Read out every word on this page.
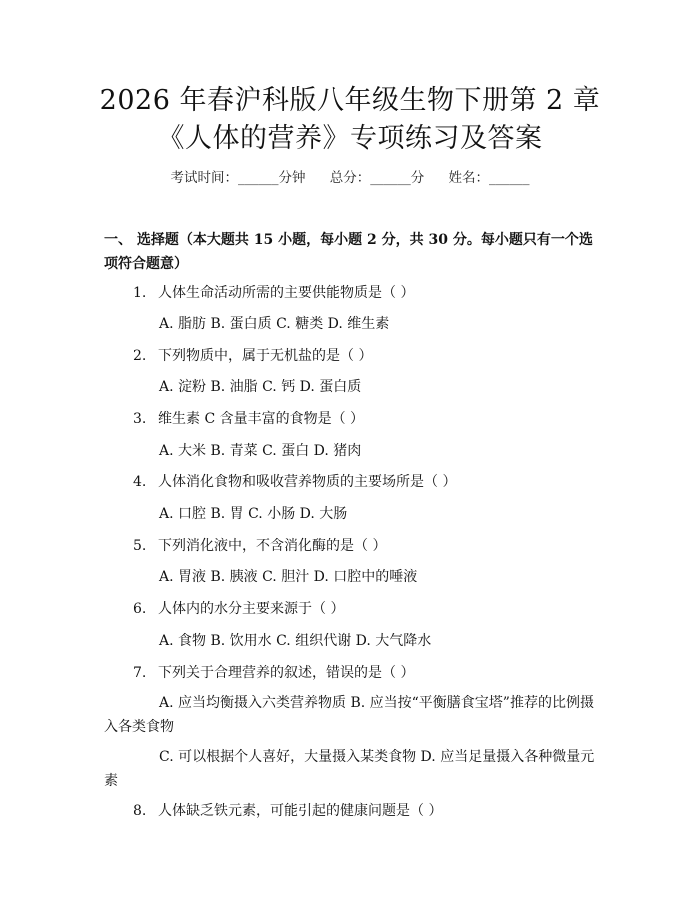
2026 年春沪科版八年级生物下册第 2 章《人体的营养》专项练习及答案
考试时间：______分钟 总分：______分 姓名：______
一、 选择题（本大题共 15 小题，每小题 2 分，共 30 分。每小题只有一个选项符合题意）
1. 人体生命活动所需的主要供能物质是（ ）
A. 脂肪 B. 蛋白质 C. 糖类 D. 维生素
2. 下列物质中，属于无机盐的是（ ）
A. 淀粉 B. 油脂 C. 钙 D. 蛋白质
3. 维生素 C 含量丰富的食物是（ ）
A. 大米 B. 青菜 C. 蛋白 D. 猪肉
4. 人体消化食物和吸收营养物质的主要场所是（ ）
A. 口腔 B. 胃 C. 小肠 D. 大肠
5. 下列消化液中，不含消化酶的是（ ）
A. 胃液 B. 胰液 C. 胆汁 D. 口腔中的唾液
6. 人体内的水分主要来源于（ ）
A. 食物 B. 饮用水 C. 组织代谢 D. 大气降水
7. 下列关于合理营养的叙述，错误的是（ ）
A. 应当均衡摄入六类营养物质 B. 应当按“平衡膳食宝塔”推荐的比例摄入各类食物
C. 可以根据个人喜好，大量摄入某类食物 D. 应当足量摄入各种微量元素
8. 人体缺乏铁元素，可能引起的健康问题是（ ）
